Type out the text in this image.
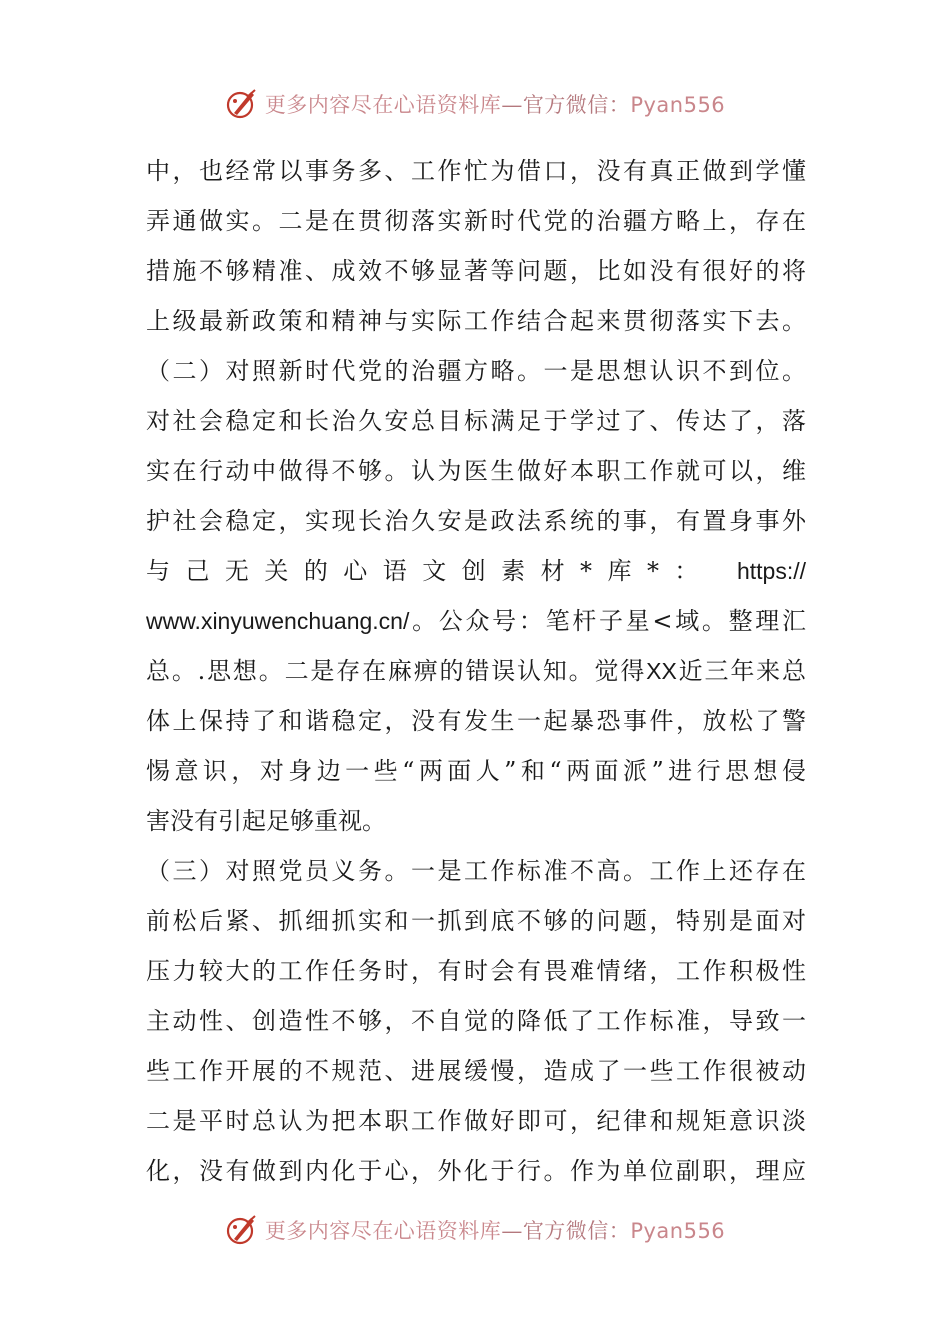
更多内容尽在心语资料库—官方微信：Pyan556
中，也经常以事务多、工作忙为借口，没有真正做到学懂
弄通做实。二是在贯彻落实新时代党的治疆方略上，存在
措施不够精准、成效不够显著等问题，比如没有很好的将
上级最新政策和精神与实际工作结合起来贯彻落实下去。
（二）对照新时代党的治疆方略。一是思想认识不到位。
对社会稳定和长治久安总目标满足于学过了、传达了，落
实在行动中做得不够。认为医生做好本职工作就可以，维
护社会稳定，实现长治久安是政法系统的事，有置身事外
与己无关的心语文创素材*库*： https://
www.xinyuwenchuang.cn/。公众号：笔杆子星<域。整理汇
总。.思想。二是存在麻痹的错误认知。觉得XX近三年来总
体上保持了和谐稳定，没有发生一起暴恐事件，放松了警
惕意识，对身边一些“两面人”和“两面派”进行思想侵
害没有引起足够重视。
（三）对照党员义务。一是工作标准不高。工作上还存在
前松后紧、抓细抓实和一抓到底不够的问题，特别是面对
压力较大的工作任务时，有时会有畏难情绪，工作积极性
主动性、创造性不够，不自觉的降低了工作标准，导致一
些工作开展的不规范、进展缓慢，造成了一些工作很被动
二是平时总认为把本职工作做好即可，纪律和规矩意识淡
化，没有做到内化于心，外化于行。作为单位副职，理应
更多内容尽在心语资料库—官方微信：Pyan556
